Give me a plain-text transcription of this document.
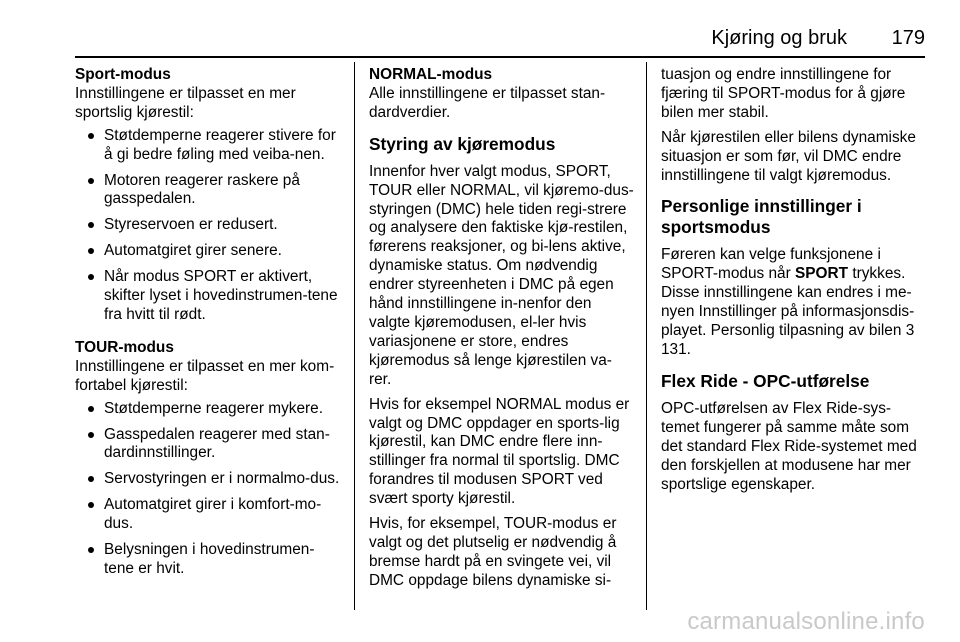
Kjøring og bruk 179

Sport-modus

Innstillingene er tilpasset en mer sportslig kjørestil:

Støtdemperne reagerer stivere for å gi bedre føling med veiba-nen.
Motoren reagerer raskere på gasspedalen.
Styreservoen er redusert.
Automatgiret girer senere.
Når modus SPORT er aktivert, skifter lyset i hovedinstrumen-tene fra hvitt til rødt.

TOUR-modus

Innstillingene er tilpasset en mer kom-fortabel kjørestil:

Støtdemperne reagerer mykere.
Gasspedalen reagerer med stan-dardinnstillinger.
Servostyringen er i normalmo-dus.
Automatgiret girer i komfort-mo-dus.
Belysningen i hovedinstrumen-tene er hvit.

NORMAL-modus

Alle innstillingene er tilpasset stan-dardverdier.

Styring av kjøremodus

Innenfor hver valgt modus, SPORT, TOUR eller NORMAL, vil kjøremo-dus-styringen (DMC) hele tiden regi-strere og analysere den faktiske kjø-restilen, førerens reaksjoner, og bi-lens aktive, dynamiske status. Om nødvendig endrer styreenheten i DMC på egen hånd innstillingene in-nenfor den valgte kjøremodusen, el-ler hvis variasjonene er store, endres kjøremodus så lenge kjørestilen va-rer.

Hvis for eksempel NORMAL modus er valgt og DMC oppdager en sports-lig kjørestil, kan DMC endre flere inn-stillinger fra normal til sportslig. DMC forandres til modusen SPORT ved svært sporty kjørestil.

Hvis, for eksempel, TOUR-modus er valgt og det plutselig er nødvendig å bremse hardt på en svingete vei, vil DMC oppdage bilens dynamiske si-

tuasjon og endre innstillingene for fjæring til SPORT-modus for å gjøre bilen mer stabil.

Når kjørestilen eller bilens dynamiske situasjon er som før, vil DMC endre innstillingene til valgt kjøremodus.

Personlige innstillinger i sportsmodus

Føreren kan velge funksjonene i SPORT-modus når SPORT trykkes. Disse innstillingene kan endres i me-nyen Innstillinger på informasjonsdis-playet. Personlig tilpasning av bilen 3 131.

Flex Ride - OPC-utførelse

OPC-utførelsen av Flex Ride-sys-temet fungerer på samme måte som det standard Flex Ride-systemet med den forskjellen at modusene har mer sportslige egenskaper.

carmanualsonline.info
